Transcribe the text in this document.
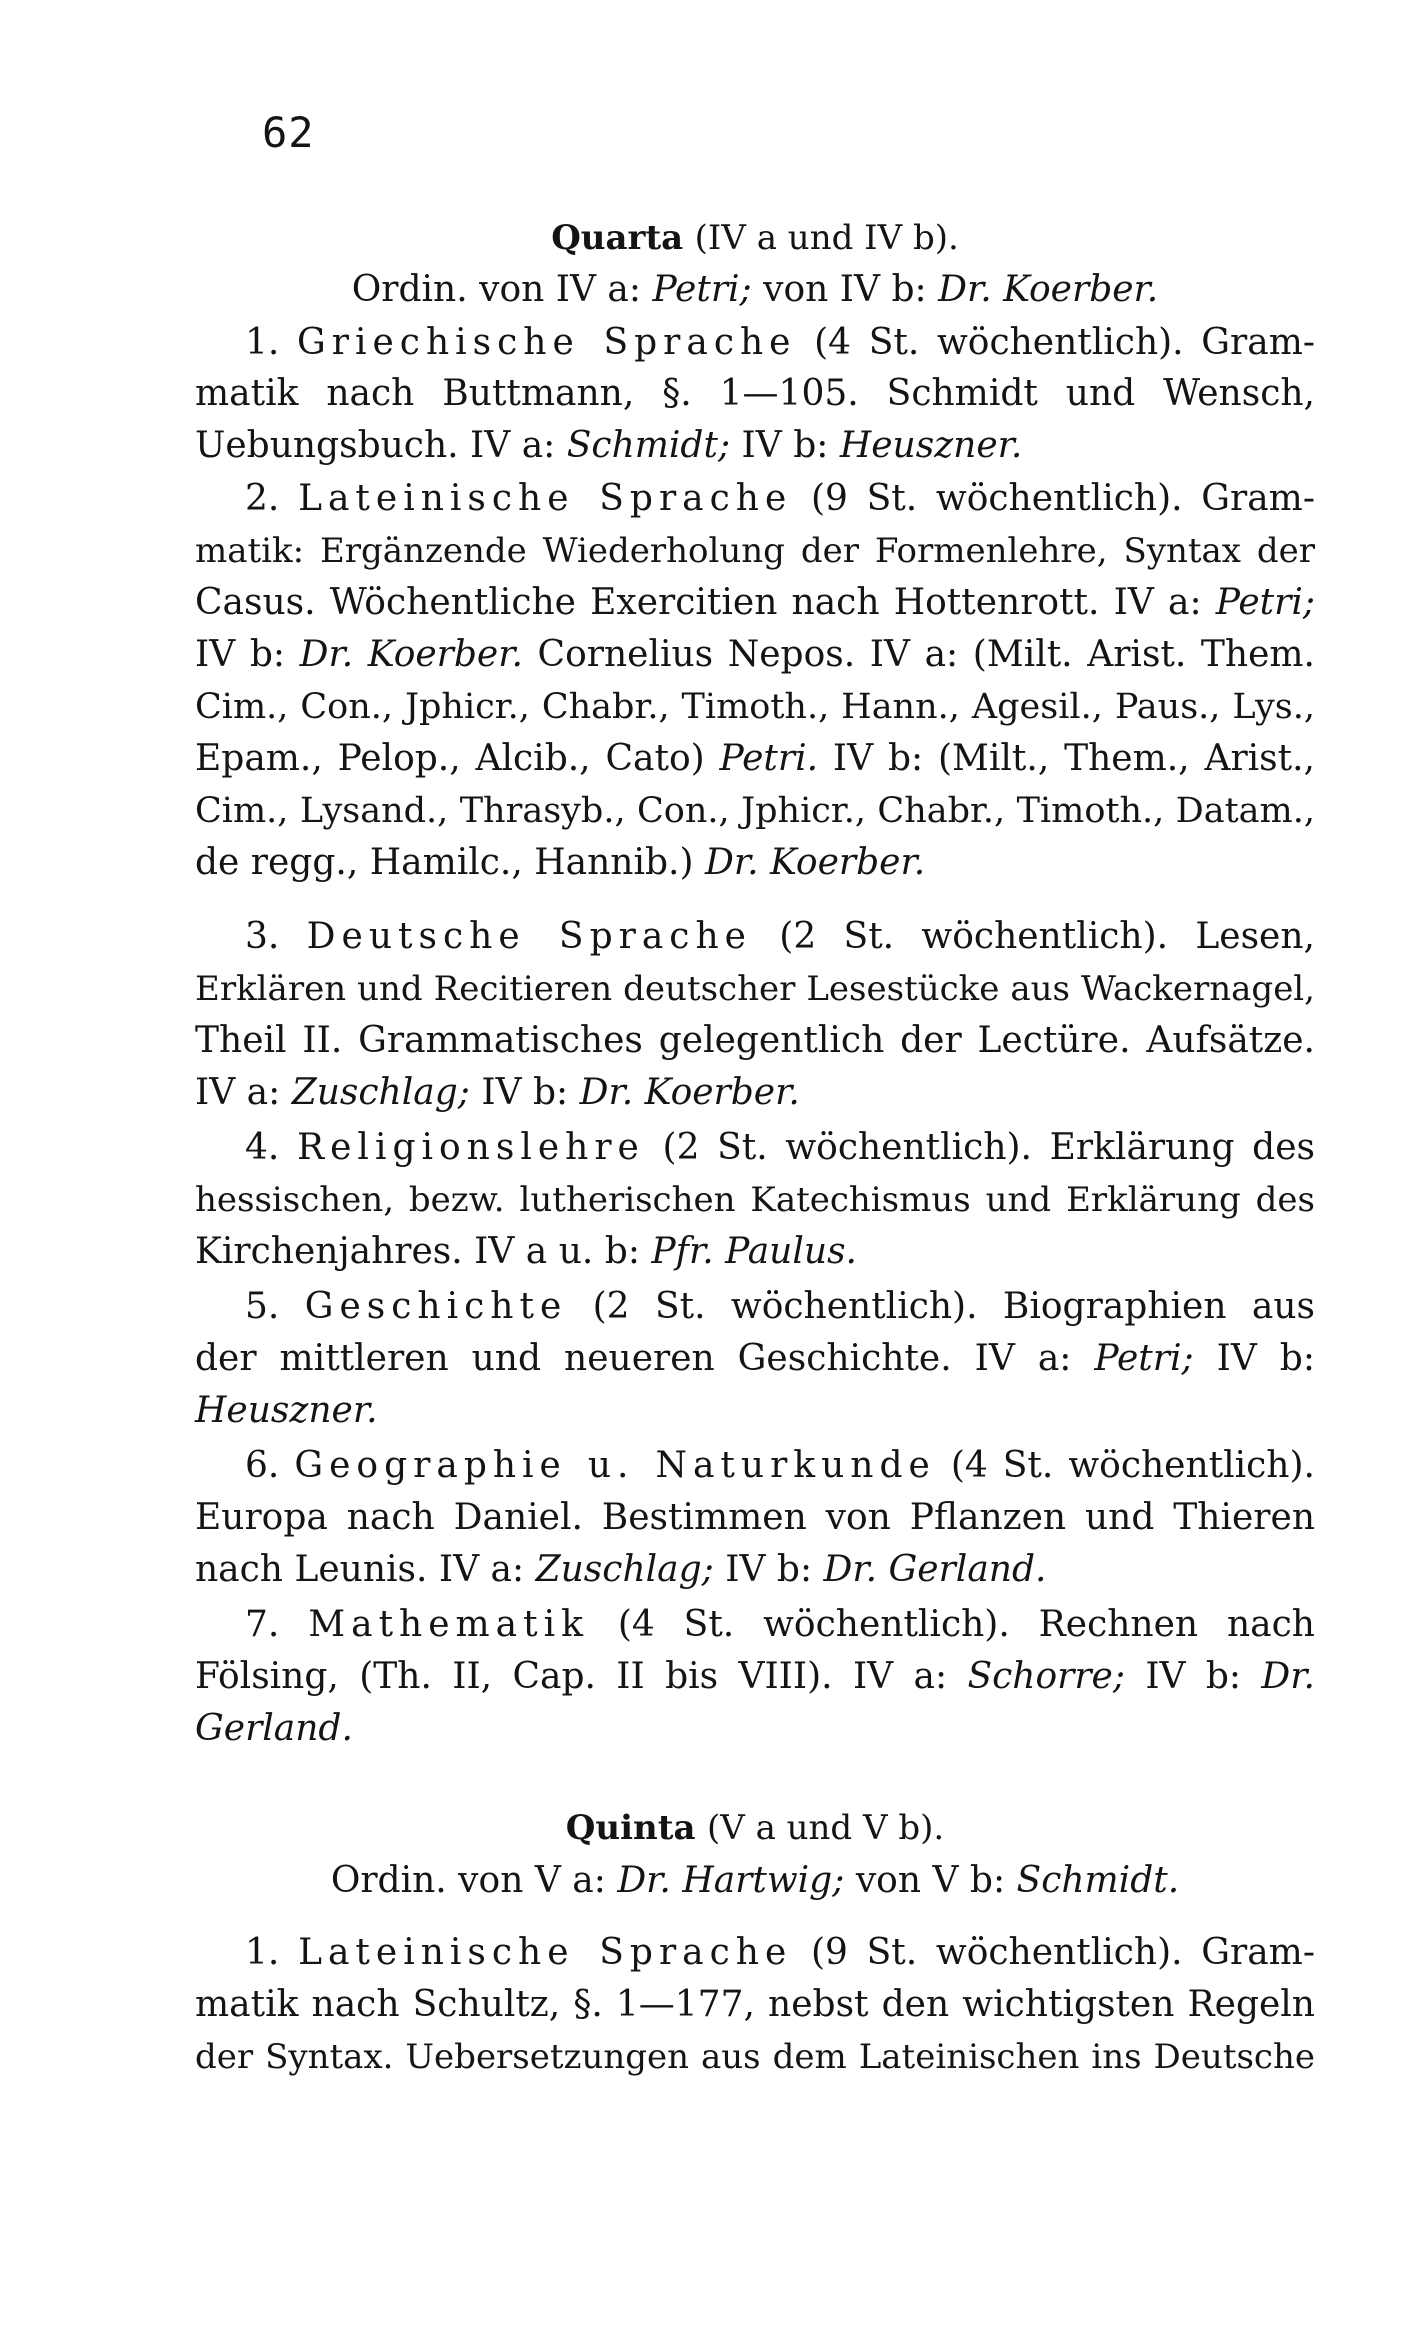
62
Quarta (IV a und IV b).
Ordin. von IV a: Petri; von IV b: Dr. Koerber.
1. Griechische Sprache (4 St. wöchentlich). Gram-
matik nach Buttmann, §. 1—105. Schmidt und Wensch,
Uebungsbuch. IV a: Schmidt; IV b: Heuszner.
2. Lateinische Sprache (9 St. wöchentlich). Gram-
matik: Ergänzende Wiederholung der Formenlehre, Syntax der
Casus. Wöchentliche Exercitien nach Hottenrott. IV a: Petri;
IV b: Dr. Koerber. Cornelius Nepos. IV a: (Milt. Arist. Them.
Cim., Con., Jphicr., Chabr., Timoth., Hann., Agesil., Paus., Lys.,
Epam., Pelop., Alcib., Cato) Petri. IV b: (Milt., Them., Arist.,
Cim., Lysand., Thrasyb., Con., Jphicr., Chabr., Timoth., Datam.,
de regg., Hamilc., Hannib.) Dr. Koerber.
3. Deutsche Sprache (2 St. wöchentlich). Lesen,
Erklären und Recitieren deutscher Lesestücke aus Wackernagel,
Theil II. Grammatisches gelegentlich der Lectüre. Aufsätze.
IV a: Zuschlag; IV b: Dr. Koerber.
4. Religionslehre (2 St. wöchentlich). Erklärung des
hessischen, bezw. lutherischen Katechismus und Erklärung des
Kirchenjahres. IV a u. b: Pfr. Paulus.
5. Geschichte (2 St. wöchentlich). Biographien aus
der mittleren und neueren Geschichte. IV a: Petri; IV b:
Heuszner.
6. Geographie u. Naturkunde (4 St. wöchentlich).
Europa nach Daniel. Bestimmen von Pflanzen und Thieren
nach Leunis. IV a: Zuschlag; IV b: Dr. Gerland.
7. Mathematik (4 St. wöchentlich). Rechnen nach
Fölsing, (Th. II, Cap. II bis VIII). IV a: Schorre; IV b: Dr.
Gerland.
Quinta (V a und V b).
Ordin. von V a: Dr. Hartwig; von V b: Schmidt.
1. Lateinische Sprache (9 St. wöchentlich). Gram-
matik nach Schultz, §. 1—177, nebst den wichtigsten Regeln
der Syntax. Uebersetzungen aus dem Lateinischen ins Deutsche
